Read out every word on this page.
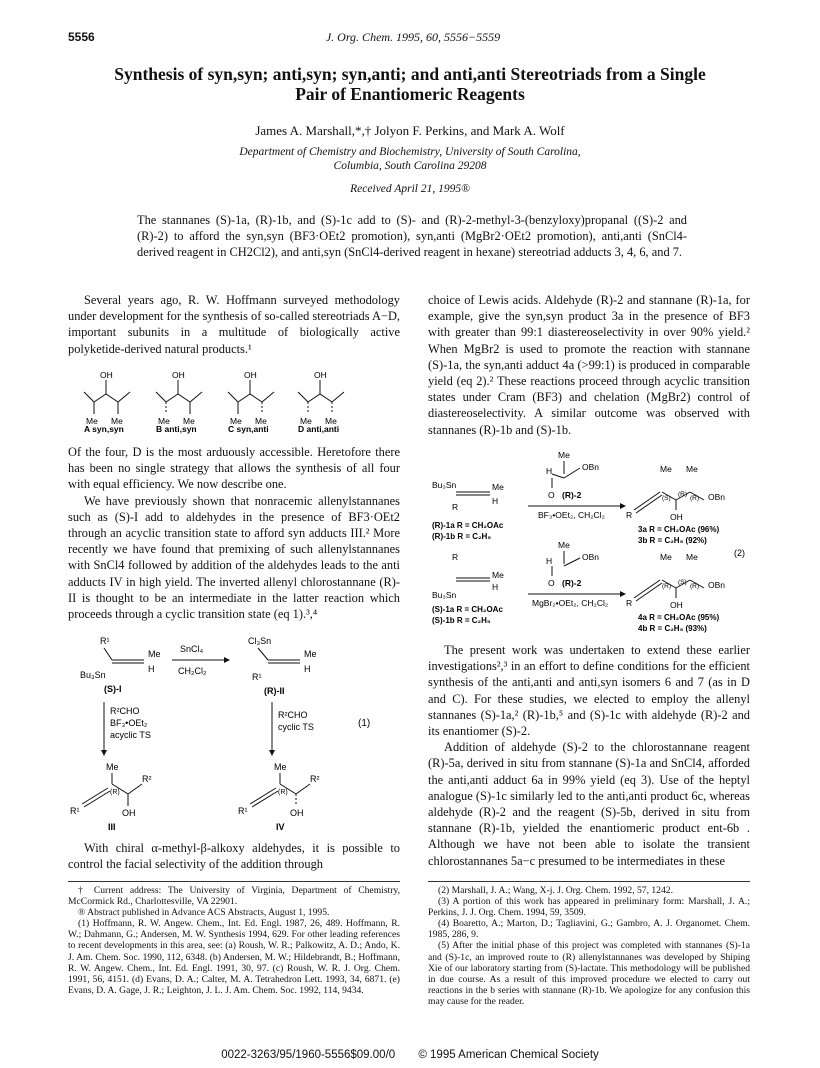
5556	J. Org. Chem. 1995, 60, 5556−5559
Synthesis of syn,syn; anti,syn; syn,anti; and anti,anti Stereotriads from a Single Pair of Enantiomeric Reagents
James A. Marshall,*,† Jolyon F. Perkins, and Mark A. Wolf
Department of Chemistry and Biochemistry, University of South Carolina,
Columbia, South Carolina 29208
Received April 21, 1995®
The stannanes (S)-1a, (R)-1b, and (S)-1c add to (S)- and (R)-2-methyl-3-(benzyloxy)propanal ((S)-2 and (R)-2) to afford the syn,syn (BF3·OEt2 promotion), syn,anti (MgBr2·OEt2 promotion), anti,anti (SnCl4-derived reagent in CH2Cl2), and anti,syn (SnCl4-derived reagent in hexane) stereotriad adducts 3, 4, 6, and 7.

Several years ago, R. W. Hoffmann surveyed methodology under development for the synthesis of so-called stereotriads A−D, important subunits in a multitude of biologically active polyketide-derived natural products.¹

OH
Me Me
OH
Me Me
OH
Me Me
OH
Me Me
A syn,syn	B anti,syn	C syn,anti	D anti,anti

Of the four, D is the most arduously accessible. Heretofore there has been no single strategy that allows the synthesis of all four with equal efficiency. We now describe one.

We have previously shown that nonracemic allenylstannanes such as (S)-I add to aldehydes in the presence of BF3·OEt2 through an acyclic transition state to afford syn adducts III.² More recently we have found that premixing of such allenylstannanes with SnCl4 followed by addition of the aldehydes leads to the anti adducts IV in high yield. The inverted allenyl chlorostannane (R)-II is thought to be an intermediate in the latter reaction which proceeds through a cyclic transition state (eq 1).³,⁴

R¹
Me
H
Bu₃Sn
(S)-I
SnCl₄
CH₂Cl₂
Cl₃Sn
Me
H
R¹
(R)-II
R²CHO
BF₃•OEt₂
acyclic TS
R²CHO
cyclic TS	(1)
Me
R¹
(R)
R²
OH
III
Me
R¹
(R)
R²
OH
IV

With chiral α-methyl-β-alkoxy aldehydes, it is possible to control the facial selectivity of the addition through

† Current address: The University of Virginia, Department of Chemistry, McCormick Rd., Charlottesville, VA 22901.

® Abstract published in Advance ACS Abstracts, August 1, 1995.

(1) Hoffmann, R. W. Angew. Chem., Int. Ed. Engl. 1987, 26, 489. Hoffmann, R. W.; Dahmann, G.; Andersen, M. W. Synthesis 1994, 629. For other leading references to recent developments in this area, see: (a) Roush, W. R.; Palkowitz, A. D.; Ando, K. J. Am. Chem. Soc. 1990, 112, 6348. (b) Andersen, M. W.; Hildebrandt, B.; Hoffmann, R. W. Angew. Chem., Int. Ed. Engl. 1991, 30, 97. (c) Roush, W. R. J. Org. Chem. 1991, 56, 4151. (d) Evans, D. A.; Calter, M. A. Tetrahedron Lett. 1993, 34, 6871. (e) Evans, D. A. Gage, J. R.; Leighton, J. L. J. Am. Chem. Soc. 1992, 114, 9434.

choice of Lewis acids. Aldehyde (R)-2 and stannane (R)-1a, for example, give the syn,syn product 3a in the presence of BF3 with greater than 99:1 diastereoselectivity in over 90% yield.² When MgBr2 is used to promote the reaction with stannane (S)-1a, the syn,anti adduct 4a (>99:1) is produced in comparable yield (eq 2).² These reactions proceed through acyclic transition states under Cram (BF3) and chelation (MgBr2) control of diastereoselectivity. A similar outcome was observed with stannanes (R)-1b and (S)-1b.

Me
H	OBn
O (R)-2
Bu₃Sn	Me
H
R
BF₃•OEt₂, CH₂Cl₂
(R)-1a R = CH₂OAc
(R)-1b R = C₂H₅
Me Me
R
OBn
(S)
(R)
(R)
OH
3a R = CH₂OAc (96%)
3b R = C₂H₅ (92%)
(2)
Me
H	OBn
O (R)-2
R
Me
H
Bu₃Sn
MgBr₂•OEt₂, CH₂Cl₂
(S)-1a R = CH₂OAc
(S)-1b R = C₂H₅
Me Me
R
OBn
(R)
(S)
(R)
OH
4a R = CH₂OAc (95%)
4b R = C₂H₅ (93%)

The present work was undertaken to extend these earlier investigations²,³ in an effort to define conditions for the efficient synthesis of the anti,anti and anti,syn isomers 6 and 7 (as in D and C). For these studies, we elected to employ the allenyl stannanes (S)-1a,² (R)-1b,⁵ and (S)-1c with aldehyde (R)-2 and its enantiomer (S)-2.

Addition of aldehyde (S)-2 to the chlorostannane reagent (R)-5a, derived in situ from stannane (S)-1a and SnCl4, afforded the anti,anti adduct 6a in 99% yield (eq 3). Use of the heptyl analogue (S)-1c similarly led to the anti,anti product 6c, whereas aldehyde (R)-2 and the reagent (S)-5b, derived in situ from stannane (R)-1b, yielded the enantiomeric product ent-6b . Although we have not been able to isolate the transient chlorostannanes 5a−c presumed to be intermediates in these

(2) Marshall, J. A.; Wang, X-j. J. Org. Chem. 1992, 57, 1242.

(3) A portion of this work has appeared in preliminary form: Marshall, J. A.; Perkins, J. J. Org. Chem. 1994, 59, 3509.

(4) Boaretto, A.; Marton, D.; Tagliavini, G.; Gambro, A. J. Organomet. Chem. 1985, 286, 9.

(5) After the initial phase of this project was completed with stannanes (S)-1a and (S)-1c, an improved route to (R) allenylstannanes was developed by Shiping Xie of our laboratory starting from (S)-lactate. This methodology will be published in due course. As a result of this improved procedure we elected to carry out reactions in the b series with stannane (R)-1b. We apologize for any confusion this may cause for the reader.

0022-3263/95/1960-5556$09.00/0 © 1995 American Chemical Society
